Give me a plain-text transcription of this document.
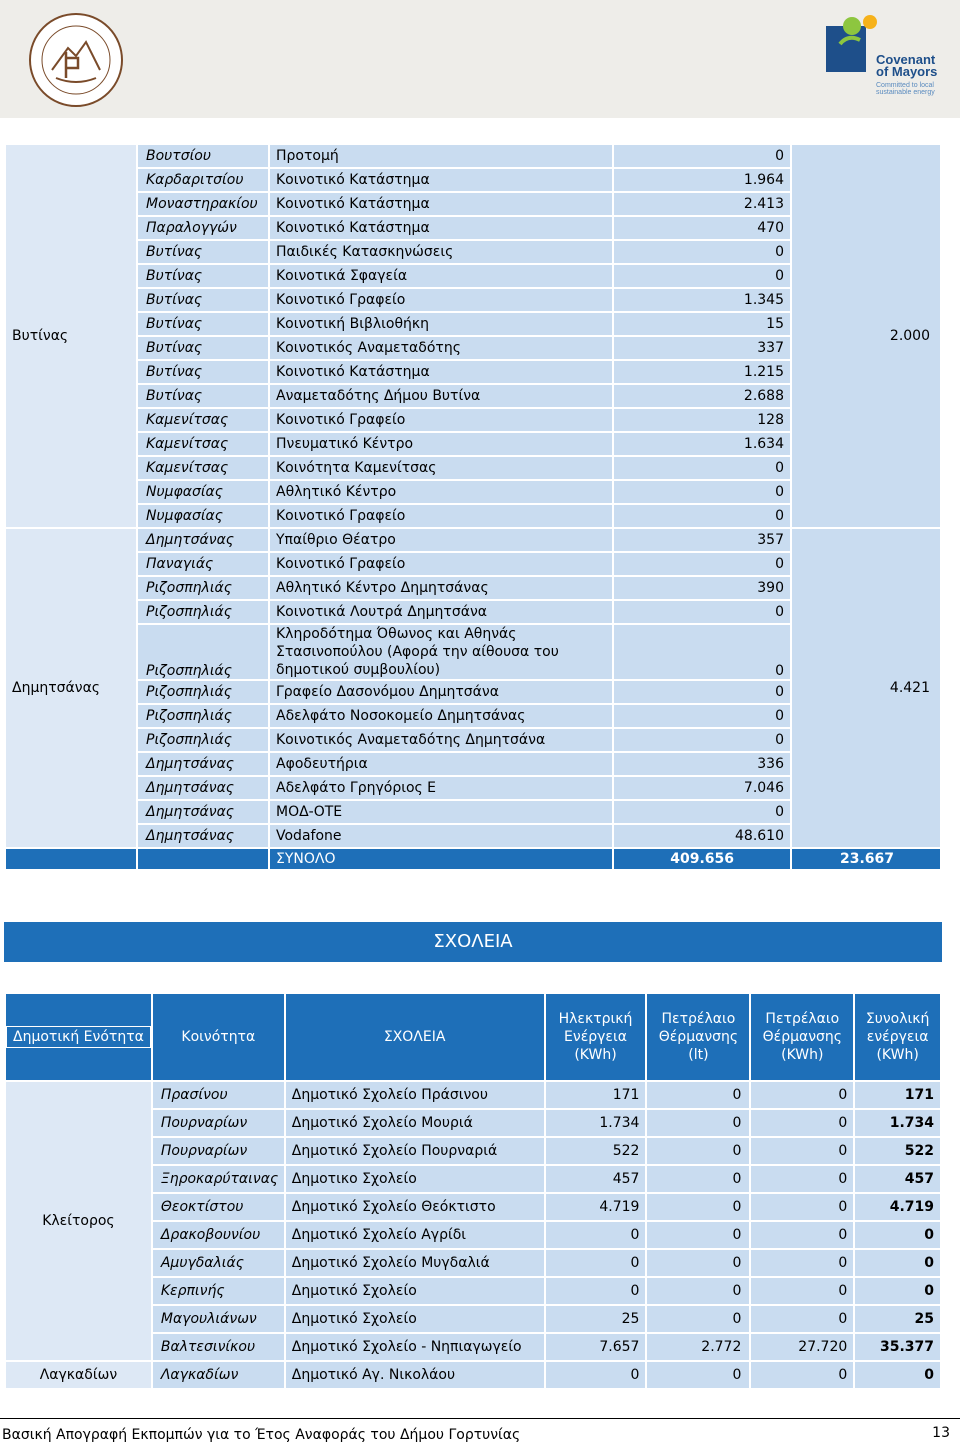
Covenant
of Mayors
Committed to local sustainable energy
Βυτίνας	Βουτσίου	Προτομή	0	2.000
	Καρδαριτσίου	Κοινοτικό Κατάστημα	1.964	
	Μοναστηρακίου	Κοινοτικό Κατάστημα	2.413	
	Παραλογγών	Κοινοτικό Κατάστημα	470	
	Βυτίνας	Παιδικές Κατασκηνώσεις	0	
	Βυτίνας	Κοινοτικά Σφαγεία	0	
	Βυτίνας	Κοινοτικό Γραφείο	1.345	
	Βυτίνας	Κοινοτική Βιβλιοθήκη	15	
	Βυτίνας	Κοινοτικός Αναμεταδότης	337	
	Βυτίνας	Κοινοτικό Κατάστημα	1.215	
	Βυτίνας	Αναμεταδότης Δήμου Βυτίνα	2.688	
	Καμενίτσας	Κοινοτικό Γραφείο	128	
	Καμενίτσας	Πνευματικό Κέντρο	1.634	
	Καμενίτσας	Κοινότητα Καμενίτσας	0	
	Νυμφασίας	Αθλητικό Κέντρο	0	
	Νυμφασίας	Κοινοτικό Γραφείο	0	
Δημητσάνας	Δημητσάνας	Υπαίθριο Θέατρο	357	4.421
	Παναγιάς	Κοινοτικό Γραφείο	0	
	Ριζοσπηλιάς	Αθλητικό Κέντρο Δημητσάνας	390	
	Ριζοσπηλιάς	Κοινοτικά Λουτρά Δημητσάνα	0	
	Ριζοσπηλιάς	Κληροδότημα Όθωνος και Αθηνάς Στασινοπούλου (Αφορά την αίθουσα του δημοτικού συμβουλίου)	0	
	Ριζοσπηλιάς	Γραφείο Δασονόμου Δημητσάνα	0	
	Ριζοσπηλιάς	Αδελφάτο Νοσοκομείο Δημητσάνας	0	
	Ριζοσπηλιάς	Κοινοτικός Αναμεταδότης Δημητσάνα	0	
	Δημητσάνας	Αφοδευτήρια	336	
	Δημητσάνας	Αδελφάτο Γρηγόριος Ε	7.046	
	Δημητσάνας	ΜΟΔ-ΟΤΕ	0	
	Δημητσάνας	Vodafone	48.610	
		ΣΥΝΟΛΟ	409.656	23.667
ΣΧΟΛΕΙΑ
Δημοτική Ενότητα	Κοινότητα	ΣΧΟΛΕΙΑ	Ηλεκτρική Ενέργεια (KWh)	Πετρέλαιο Θέρμανσης (lt)	Πετρέλαιο Θέρμανσης (KWh)	Συνολική ενέργεια (KWh)
Κλείτορος	Πρασίνου	Δημοτικό Σχολείο Πράσινου	171	0	0	171
	Πουρναρίων	Δημοτικό Σχολείο Μουριά	1.734	0	0	1.734
	Πουρναρίων	Δημοτικό Σχολείο Πουρναριά	522	0	0	522
	Ξηροκαρύταινας	Δημοτικο Σχολείο	457	0	0	457
	Θεοκτίστου	Δημοτικό Σχολείο Θεόκτιστο	4.719	0	0	4.719
	Δρακοβουνίου	Δημοτικό Σχολείο Αγρίδι	0	0	0	0
	Αμυγδαλιάς	Δημοτικό Σχολείο Μυγδαλιά	0	0	0	0
	Κερπινής	Δημοτικό Σχολείο	0	0	0	0
	Μαγουλιάνων	Δημοτικό Σχολείο	25	0	0	25
	Βαλτεσινίκου	Δημοτικό Σχολείο - Νηπιαγωγείο	7.657	2.772	27.720	35.377
Λαγκαδίων	Λαγκαδίων	Δημοτικό Αγ. Νικολάου	0	0	0	0
Βασική Απογραφή Εκπομπών για το Έτος Αναφοράς του Δήμου Γορτυνίας	13
